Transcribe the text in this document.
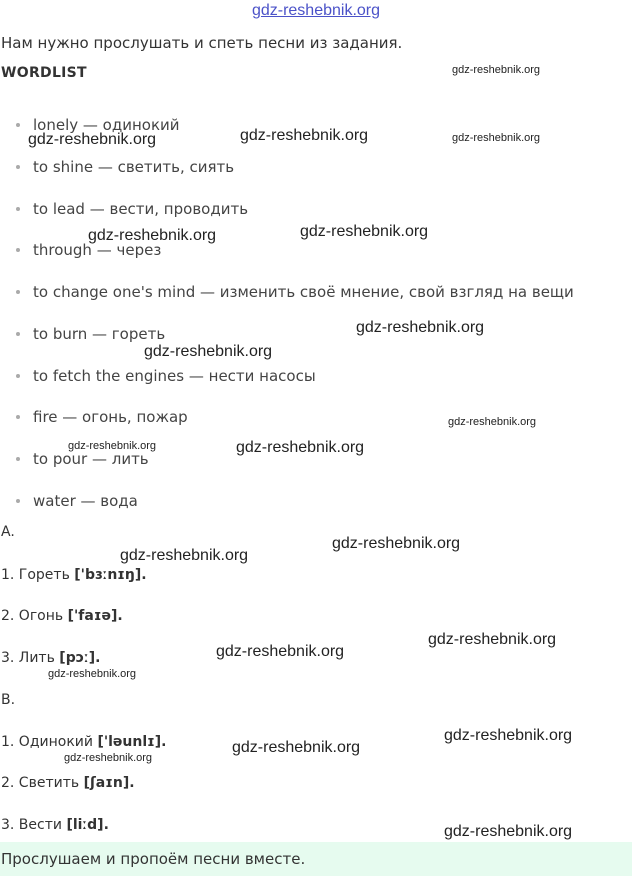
gdz-reshebnik.org
Нам нужно прослушать и спеть песни из задания.
WORDLIST
lonely — одинокий
to shine — светить, сиять
to lead — вести, проводить
through — через
to change one's mind — изменить своё мнение, свой взгляд на вещи
to burn — гореть
to fetch the engines — нести насосы
fire — огонь, пожар
to pour — лить
water — вода
A.
1. Гореть ['bɜːnɪŋ].
2. Огонь ['faɪə].
3. Лить [pɔː].
B.
1. Одинокий ['ləunlɪ].
2. Светить [ʃaɪn].
3. Вести [liːd].
Прослушаем и пропоём песни вместе.
gdz-reshebnik.org
gdz-reshebnik.org	gdz-reshebnik.org	gdz-reshebnik.org
gdz-reshebnik.org	gdz-reshebnik.org
gdz-reshebnik.org
gdz-reshebnik.org
gdz-reshebnik.org
gdz-reshebnik.org	gdz-reshebnik.org
gdz-reshebnik.org
gdz-reshebnik.org
gdz-reshebnik.org
gdz-reshebnik.org
gdz-reshebnik.org
gdz-reshebnik.org
gdz-reshebnik.org
gdz-reshebnik.org
gdz-reshebnik.org
